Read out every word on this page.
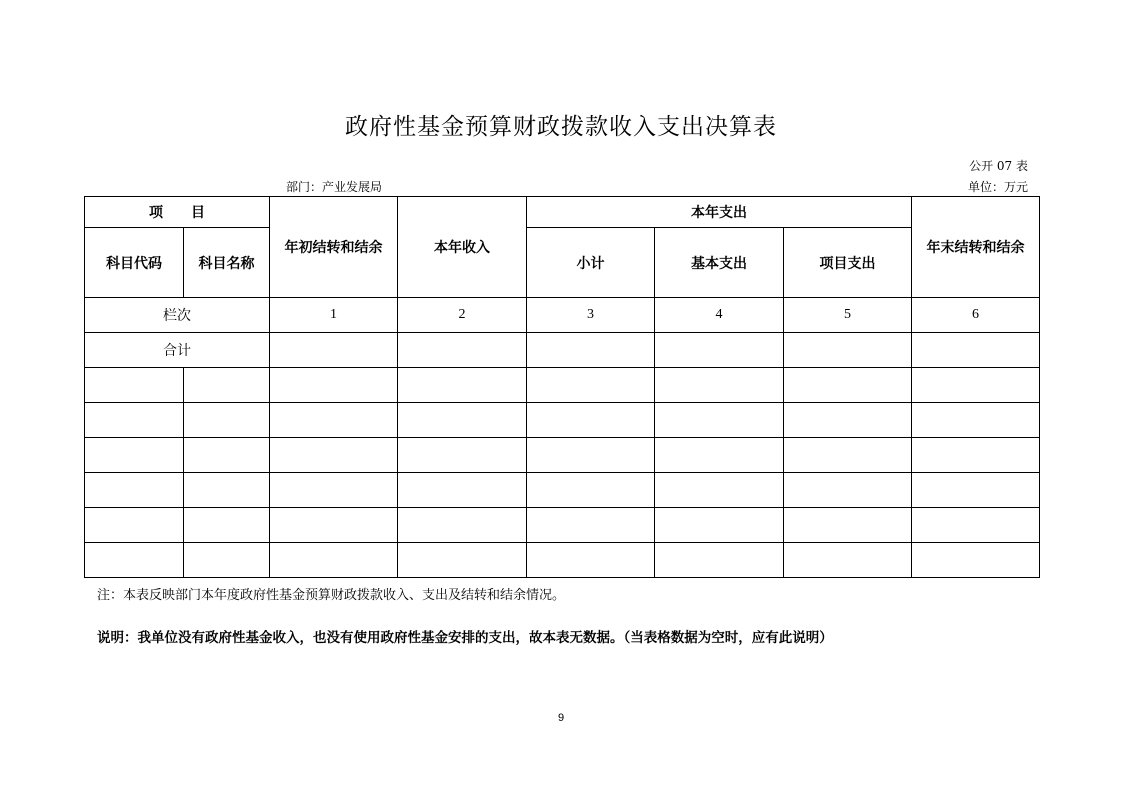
政府性基金预算财政拨款收入支出决算表
公开 07 表
部门：产业发展局	单位：万元
项　　目		年初结转和结余	本年收入	本年支出			年末结转和结余
科目代码	科目名称			小计	基本支出	项目支出	
栏次		1	2	3	4	5	6
合计							

注：本表反映部门本年度政府性基金预算财政拨款收入、支出及结转和结余情况。
说明：我单位没有政府性基金收入，也没有使用政府性基金安排的支出，故本表无数据。（当表格数据为空时，应有此说明）
9
